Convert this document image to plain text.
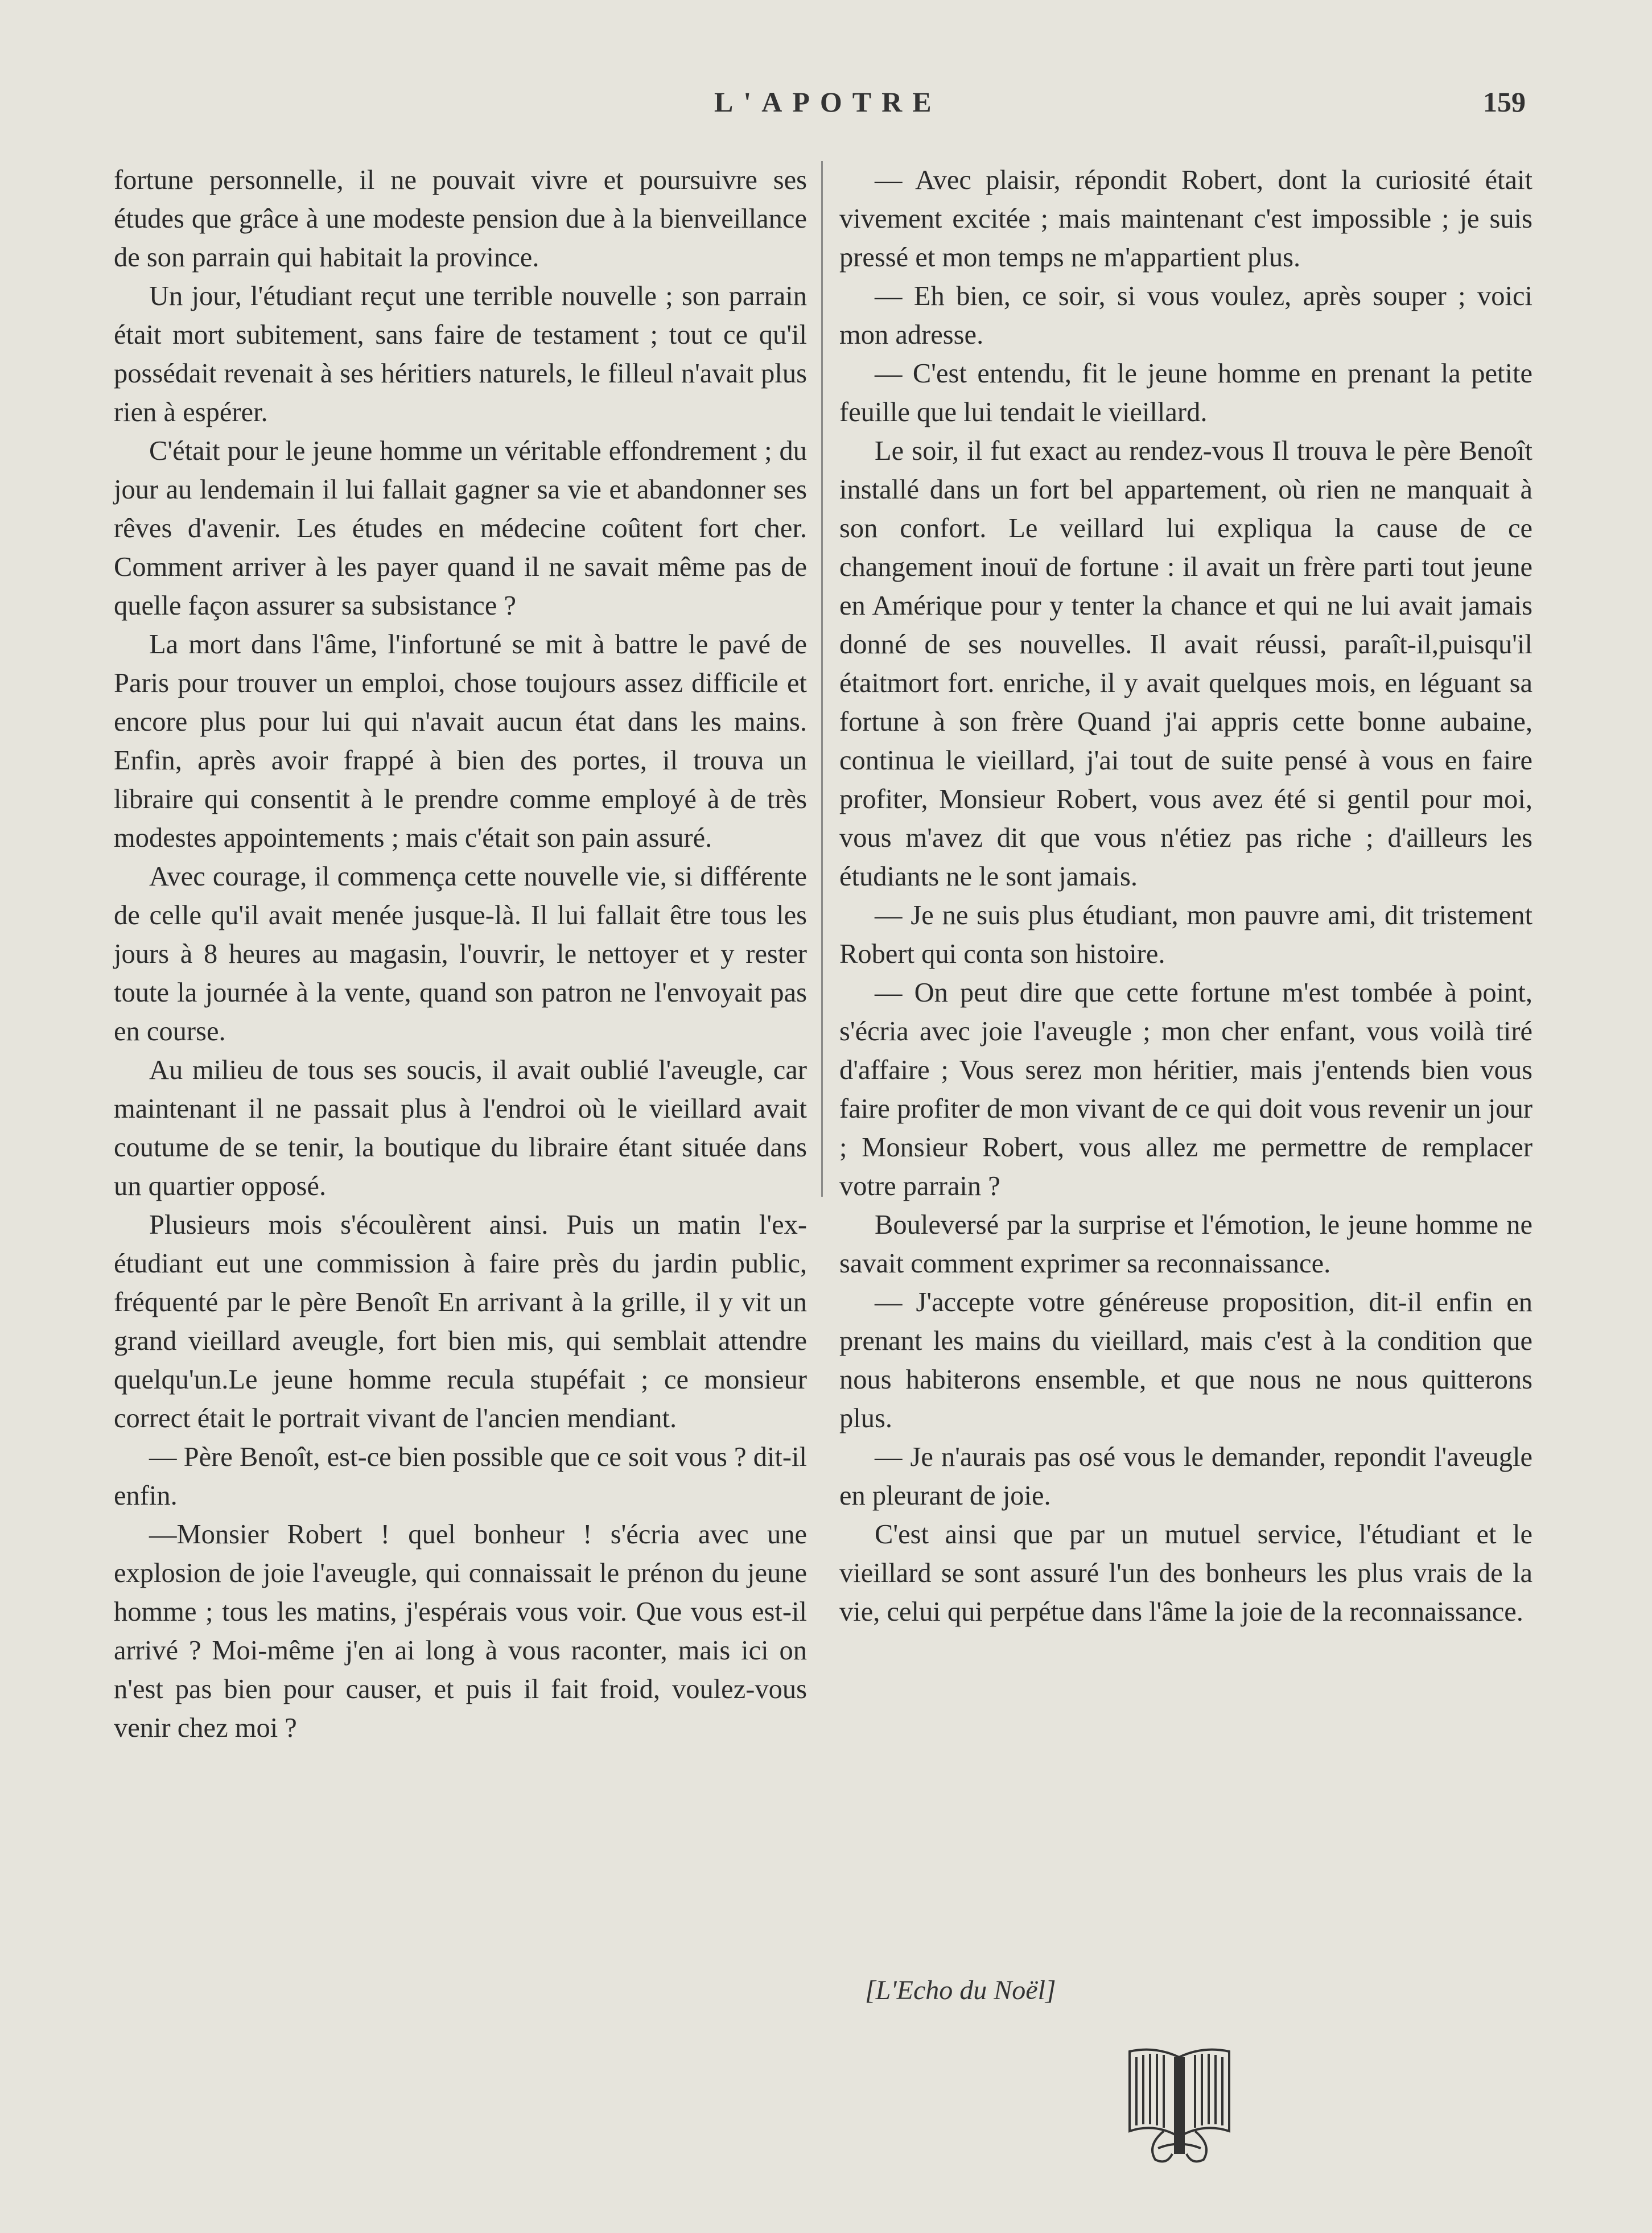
L'APOTRE	159

fortune personnelle, il ne pouvait vivre et poursuivre ses études que grâce à une modeste pension due à la bienveillance de son parrain qui habitait la province.

Un jour, l'étudiant reçut une terrible nouvelle ; son parrain était mort subitement, sans faire de testament ; tout ce qu'il possédait revenait à ses héritiers naturels, le filleul n'avait plus rien à espérer.

C'était pour le jeune homme un véritable effondrement ; du jour au lendemain il lui fallait gagner sa vie et abandonner ses rêves d'avenir. Les études en médecine coûtent fort cher. Comment arriver à les payer quand il ne savait même pas de quelle façon assurer sa subsistance ?

La mort dans l'âme, l'infortuné se mit à battre le pavé de Paris pour trouver un emploi, chose toujours assez difficile et encore plus pour lui qui n'avait aucun état dans les mains. Enfin, après avoir frappé à bien des portes, il trouva un libraire qui consentit à le prendre comme employé à de très modestes appointements ; mais c'était son pain assuré.

Avec courage, il commença cette nouvelle vie, si différente de celle qu'il avait menée jusque-là. Il lui fallait être tous les jours à 8 heures au magasin, l'ouvrir, le nettoyer et y rester toute la journée à la vente, quand son patron ne l'envoyait pas en course.

Au milieu de tous ses soucis, il avait oublié l'aveugle, car maintenant il ne passait plus à l'endroi où le vieillard avait coutume de se tenir, la boutique du libraire étant située dans un quartier opposé.

Plusieurs mois s'écoulèrent ainsi. Puis un matin l'ex-étudiant eut une commission à faire près du jardin public, fréquenté par le père Benoît En arrivant à la grille, il y vit un grand vieillard aveugle, fort bien mis, qui semblait attendre quelqu'un.Le jeune homme recula stupéfait ; ce monsieur correct était le portrait vivant de l'ancien mendiant.

— Père Benoît, est-ce bien possible que ce soit vous ? dit-il enfin.

—Monsier Robert ! quel bonheur ! s'écria avec une explosion de joie l'aveugle, qui connaissait le prénon du jeune homme ; tous les matins, j'espérais vous voir. Que vous est-il arrivé ? Moi-même j'en ai long à vous raconter, mais ici on n'est pas bien pour causer, et puis il fait froid, voulez-vous venir chez moi ?

— Avec plaisir, répondit Robert, dont la curiosité était vivement excitée ; mais maintenant c'est impossible ; je suis pressé et mon temps ne m'appartient plus.

— Eh bien, ce soir, si vous voulez, après souper ; voici mon adresse.

— C'est entendu, fit le jeune homme en prenant la petite feuille que lui tendait le vieillard.

Le soir, il fut exact au rendez-vous Il trouva le père Benoît installé dans un fort bel appartement, où rien ne manquait à son confort. Le veillard lui expliqua la cause de ce changement inouï de fortune : il avait un frère parti tout jeune en Amérique pour y tenter la chance et qui ne lui avait jamais donné de ses nouvelles. Il avait réussi, paraît-il,puisqu'il étaitmort fort. enriche, il y avait quelques mois, en léguant sa fortune à son frère Quand j'ai appris cette bonne aubaine, continua le vieillard, j'ai tout de suite pensé à vous en faire profiter, Monsieur Robert, vous avez été si gentil pour moi, vous m'avez dit que vous n'étiez pas riche ; d'ailleurs les étudiants ne le sont jamais.

— Je ne suis plus étudiant, mon pauvre ami, dit tristement Robert qui conta son histoire.

— On peut dire que cette fortune m'est tombée à point, s'écria avec joie l'aveugle ; mon cher enfant, vous voilà tiré d'affaire ; Vous serez mon héritier, mais j'entends bien vous faire profiter de mon vivant de ce qui doit vous revenir un jour ; Monsieur Robert, vous allez me permettre de remplacer votre parrain ?

Bouleversé par la surprise et l'émotion, le jeune homme ne savait comment exprimer sa reconnaissance.

— J'accepte votre généreuse proposition, dit-il enfin en prenant les mains du vieillard, mais c'est à la condition que nous habiterons ensemble, et que nous ne nous quitterons plus.

— Je n'aurais pas osé vous le demander, repondit l'aveugle en pleurant de joie.

C'est ainsi que par un mutuel service, l'étudiant et le vieillard se sont assuré l'un des bonheurs les plus vrais de la vie, celui qui perpétue dans l'âme la joie de la reconnaissance.

[L'Echo du Noël]
